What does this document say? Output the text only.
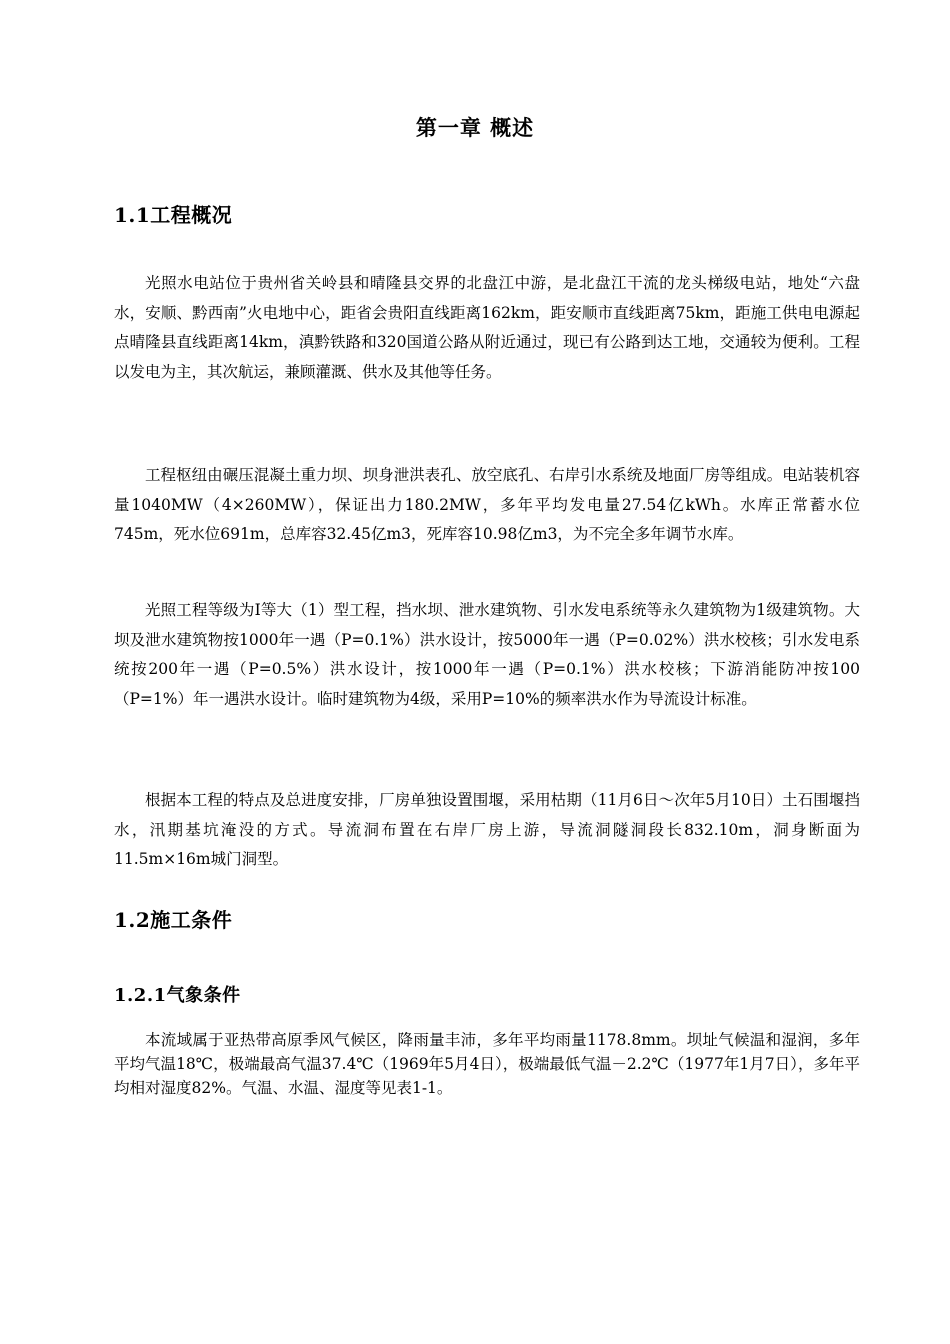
第一章 概述
1.1工程概况
光照水电站位于贵州省关岭县和晴隆县交界的北盘江中游，是北盘江干流的龙头梯级电站，地处“六盘水，安顺、黔西南”火电地中心，距省会贵阳直线距离162km，距安顺市直线距离75km，距施工供电电源起点晴隆县直线距离14km，滇黔铁路和320国道公路从附近通过，现已有公路到达工地，交通较为便利。工程以发电为主，其次航运，兼顾灌溉、供水及其他等任务。
工程枢纽由碾压混凝土重力坝、坝身泄洪表孔、放空底孔、右岸引水系统及地面厂房等组成。电站装机容量1040MW（4×260MW），保证出力180.2MW，多年平均发电量27.54亿kWh。水库正常蓄水位745m，死水位691m，总库容32.45亿m3，死库容10.98亿m3，为不完全多年调节水库。
光照工程等级为Ⅰ等大（1）型工程，挡水坝、泄水建筑物、引水发电系统等永久建筑物为1级建筑物。大坝及泄水建筑物按1000年一遇（P=0.1%）洪水设计，按5000年一遇（P=0.02%）洪水校核；引水发电系统按200年一遇（P=0.5%）洪水设计，按1000年一遇（P=0.1%）洪水校核；下游消能防冲按100（P=1%）年一遇洪水设计。临时建筑物为4级，采用P=10%的频率洪水作为导流设计标准。
根据本工程的特点及总进度安排，厂房单独设置围堰，采用枯期（11月6日～次年5月10日）土石围堰挡水，汛期基坑淹没的方式。导流洞布置在右岸厂房上游，导流洞隧洞段长832.10m，洞身断面为11.5m×16m城门洞型。
1.2施工条件
1.2.1气象条件
本流域属于亚热带高原季风气候区，降雨量丰沛，多年平均雨量1178.8mm。坝址气候温和湿润，多年平均气温18℃，极端最高气温37.4℃（1969年5月4日），极端最低气温－2.2℃（1977年1月7日），多年平均相对湿度82%。气温、水温、湿度等见表1-1。
